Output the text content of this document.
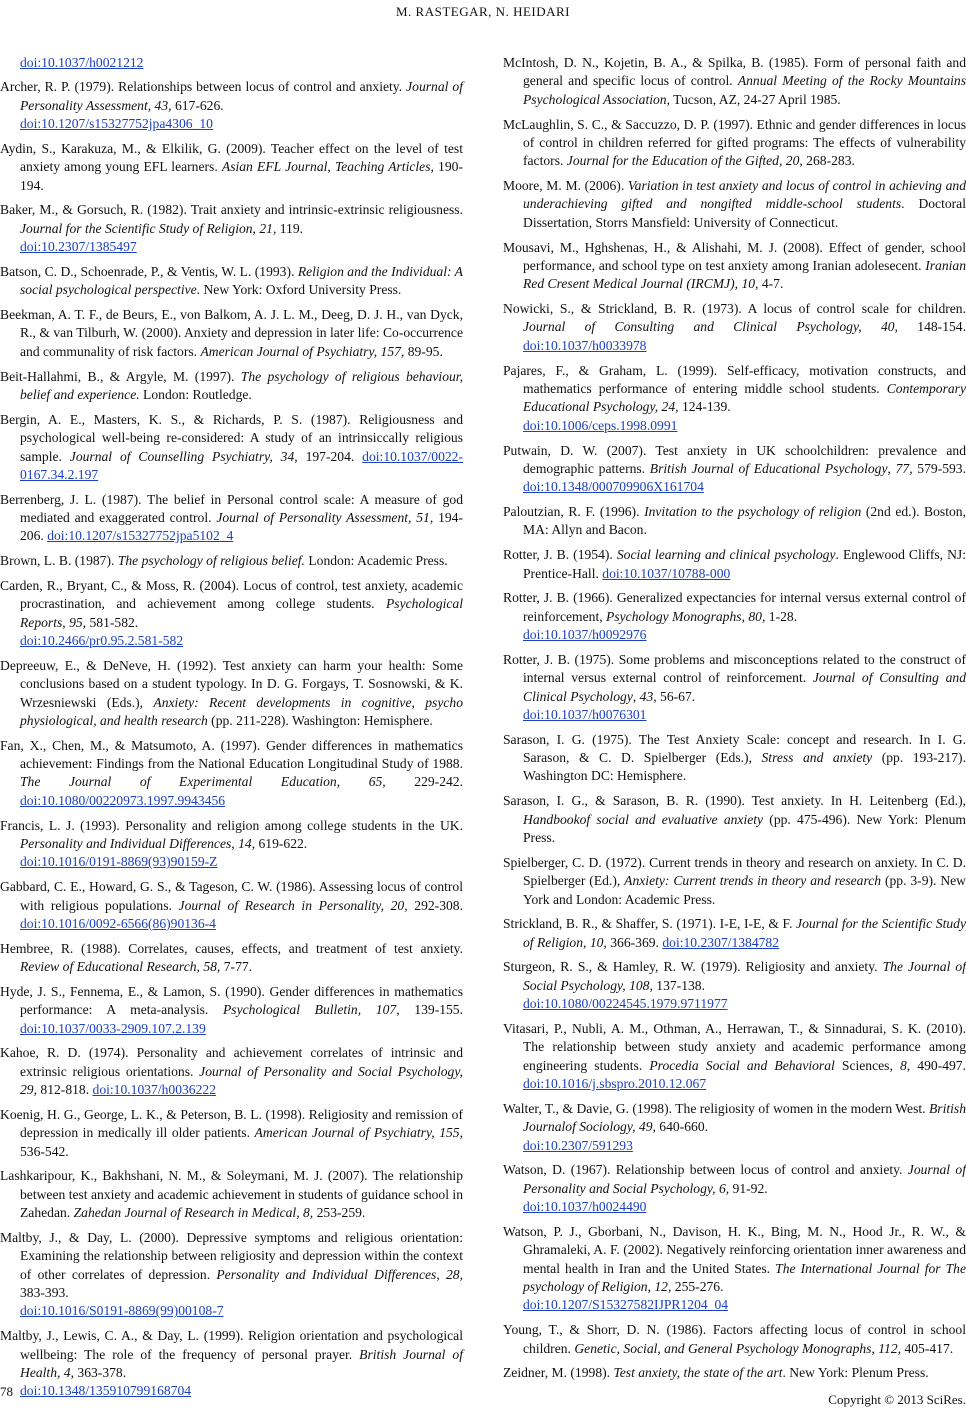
M. RASTEGAR, N. HEIDARI
doi:10.1037/h0021212

Archer, R. P. (1979). Relationships between locus of control and anxiety. Journal of Personality Assessment, 43, 617-626.
doi:10.1207/s15327752jpa4306_10

Aydin, S., Karakuza, M., & Elkilik, G. (2009). Teacher effect on the level of test anxiety among young EFL learners. Asian EFL Journal, Teaching Articles, 190-194.

Baker, M., & Gorsuch, R. (1982). Trait anxiety and intrinsic-extrinsic religiousness. Journal for the Scientific Study of Religion, 21, 119.
doi:10.2307/1385497

Batson, C. D., Schoenrade, P., & Ventis, W. L. (1993). Religion and the Individual: A social psychological perspective. New York: Oxford University Press.

Beekman, A. T. F., de Beurs, E., von Balkom, A. J. L. M., Deeg, D. J. H., van Dyck, R., & van Tilburh, W. (2000). Anxiety and depression in later life: Co-occurrence and communality of risk factors. American Journal of Psychiatry, 157, 89-95.

Beit-Hallahmi, B., & Argyle, M. (1997). The psychology of religious behaviour, belief and experience. London: Routledge.

Bergin, A. E., Masters, K. S., & Richards, P. S. (1987). Religiousness and psychological well-being re-considered: A study of an intrinsiccally religious sample. Journal of Counselling Psychiatry, 34, 197-204. doi:10.1037/0022-0167.34.2.197

Berrenberg, J. L. (1987). The belief in Personal control scale: A measure of god mediated and exaggerated control. Journal of Personality Assessment, 51, 194-206. doi:10.1207/s15327752jpa5102_4

Brown, L. B. (1987). The psychology of religious belief. London: Academic Press.

Carden, R., Bryant, C., & Moss, R. (2004). Locus of control, test anxiety, academic procrastination, and achievement among college students. Psychological Reports, 95, 581-582.
doi:10.2466/pr0.95.2.581-582

Depreeuw, E., & DeNeve, H. (1992). Test anxiety can harm your health: Some conclusions based on a student typology. In D. G. Forgays, T. Sosnowski, & K. Wrzesniewski (Eds.), Anxiety: Recent developments in cognitive, psycho physiological, and health research (pp. 211-228). Washington: Hemisphere.

Fan, X., Chen, M., & Matsumoto, A. (1997). Gender differences in mathematics achievement: Findings from the National Education Longitudinal Study of 1988. The Journal of Experimental Education, 65, 229-242. doi:10.1080/00220973.1997.9943456

Francis, L. J. (1993). Personality and religion among college students in the UK. Personality and Individual Differences, 14, 619-622.
doi:10.1016/0191-8869(93)90159-Z

Gabbard, C. E., Howard, G. S., & Tageson, C. W. (1986). Assessing locus of control with religious populations. Journal of Research in Personality, 20, 292-308. doi:10.1016/0092-6566(86)90136-4

Hembree, R. (1988). Correlates, causes, effects, and treatment of test anxiety. Review of Educational Research, 58, 7-77.

Hyde, J. S., Fennema, E., & Lamon, S. (1990). Gender differences in mathematics performance: A meta-analysis. Psychological Bulletin, 107, 139-155. doi:10.1037/0033-2909.107.2.139

Kahoe, R. D. (1974). Personality and achievement correlates of intrinsic and extrinsic religious orientations. Journal of Personality and Social Psychology, 29, 812-818. doi:10.1037/h0036222

Koenig, H. G., George, L. K., & Peterson, B. L. (1998). Religiosity and remission of depression in medically ill older patients. American Journal of Psychiatry, 155, 536-542.

Lashkaripour, K., Bakhshani, N. M., & Soleymani, M. J. (2007). The relationship between test anxiety and academic achievement in students of guidance school in Zahedan. Zahedan Journal of Research in Medical, 8, 253-259.

Maltby, J., & Day, L. (2000). Depressive symptoms and religious orientation: Examining the relationship between religiosity and depression within the context of other correlates of depression. Personality and Individual Differences, 28, 383-393.
doi:10.1016/S0191-8869(99)00108-7

Maltby, J., Lewis, C. A., & Day, L. (1999). Religion orientation and psychological wellbeing: The role of the frequency of personal prayer. British Journal of Health, 4, 363-378.
doi:10.1348/135910799168704

McIntosh, D. N., Kojetin, B. A., & Spilka, B. (1985). Form of personal faith and general and specific locus of control. Annual Meeting of the Rocky Mountains Psychological Association, Tucson, AZ, 24-27 April 1985.

McLaughlin, S. C., & Saccuzzo, D. P. (1997). Ethnic and gender differences in locus of control in children referred for gifted programs: The effects of vulnerability factors. Journal for the Education of the Gifted, 20, 268-283.

Moore, M. M. (2006). Variation in test anxiety and locus of control in achieving and underachieving gifted and nongifted middle-school students. Doctoral Dissertation, Storrs Mansfield: University of Connecticut.

Mousavi, M., Hghshenas, H., & Alishahi, M. J. (2008). Effect of gender, school performance, and school type on test anxiety among Iranian adolesecent. Iranian Red Cresent Medical Journal (IRCMJ), 10, 4-7.

Nowicki, S., & Strickland, B. R. (1973). A locus of control scale for children. Journal of Consulting and Clinical Psychology, 40, 148-154. doi:10.1037/h0033978

Pajares, F., & Graham, L. (1999). Self-efficacy, motivation constructs, and mathematics performance of entering middle school students. Contemporary Educational Psychology, 24, 124-139.
doi:10.1006/ceps.1998.0991

Putwain, D. W. (2007). Test anxiety in UK schoolchildren: prevalence and demographic patterns. British Journal of Educational Psychology, 77, 579-593. doi:10.1348/000709906X161704

Paloutzian, R. F. (1996). Invitation to the psychology of religion (2nd ed.). Boston, MA: Allyn and Bacon.

Rotter, J. B. (1954). Social learning and clinical psychology. Englewood Cliffs, NJ: Prentice-Hall. doi:10.1037/10788-000

Rotter, J. B. (1966). Generalized expectancies for internal versus external control of reinforcement, Psychology Monographs, 80, 1-28.
doi:10.1037/h0092976

Rotter, J. B. (1975). Some problems and misconceptions related to the construct of internal versus external control of reinforcement. Journal of Consulting and Clinical Psychology, 43, 56-67.
doi:10.1037/h0076301

Sarason, I. G. (1975). The Test Anxiety Scale: concept and research. In I. G. Sarason, & C. D. Spielberger (Eds.), Stress and anxiety (pp. 193-217). Washington DC: Hemisphere.

Sarason, I. G., & Sarason, B. R. (1990). Test anxiety. In H. Leitenberg (Ed.), Handbookof social and evaluative anxiety (pp. 475-496). New York: Plenum Press.

Spielberger, C. D. (1972). Current trends in theory and research on anxiety. In C. D. Spielberger (Ed.), Anxiety: Current trends in theory and research (pp. 3-9). New York and London: Academic Press.

Strickland, B. R., & Shaffer, S. (1971). I-E, I-E, & F. Journal for the Scientific Study of Religion, 10, 366-369. doi:10.2307/1384782

Sturgeon, R. S., & Hamley, R. W. (1979). Religiosity and anxiety. The Journal of Social Psychology, 108, 137-138.
doi:10.1080/00224545.1979.9711977

Vitasari, P., Nubli, A. M., Othman, A., Herrawan, T., & Sinnadurai, S. K. (2010). The relationship between study anxiety and academic performance among engineering students. Procedia Social and Behavioral Sciences, 8, 490-497. doi:10.1016/j.sbspro.2010.12.067

Walter, T., & Davie, G. (1998). The religiosity of women in the modern West. British Journalof Sociology, 49, 640-660.
doi:10.2307/591293

Watson, D. (1967). Relationship between locus of control and anxiety. Journal of Personality and Social Psychology, 6, 91-92.
doi:10.1037/h0024490

Watson, P. J., Gborbani, N., Davison, H. K., Bing, M. N., Hood Jr., R. W., & Ghramaleki, A. F. (2002). Negatively reinforcing orientation inner awareness and mental health in Iran and the United States. The International Journal for The psychology of Religion, 12, 255-276.
doi:10.1207/S15327582IJPR1204_04

Young, T., & Shorr, D. N. (1986). Factors affecting locus of control in school children. Genetic, Social, and General Psychology Monographs, 112, 405-417.

Zeidner, M. (1998). Test anxiety, the state of the art. New York: Plenum Press.

78
Copyright © 2013 SciRes.
